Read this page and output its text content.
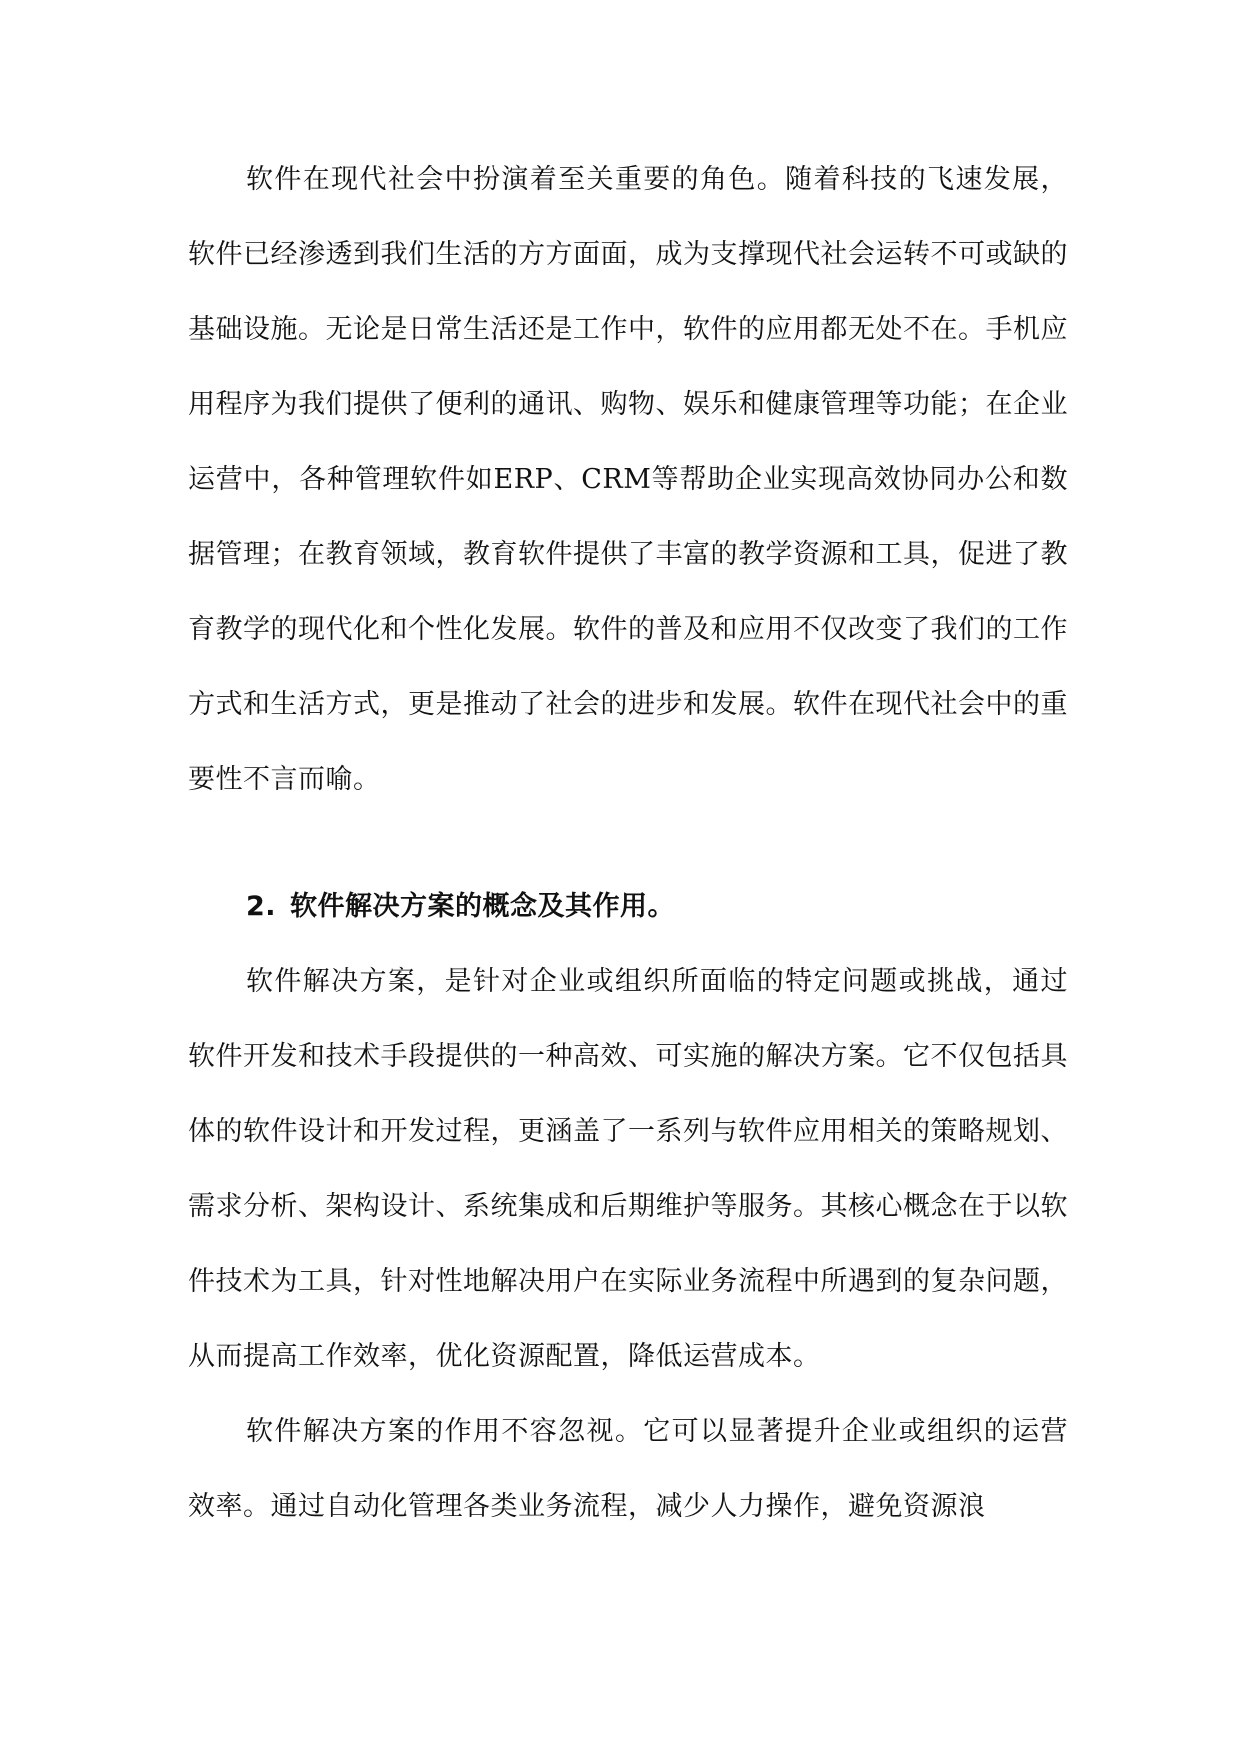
软件在现代社会中扮演着至关重要的角色。随着科技的飞速发展，软件已经渗透到我们生活的方方面面，成为支撑现代社会运转不可或缺的基础设施。无论是日常生活还是工作中，软件的应用都无处不在。手机应用程序为我们提供了便利的通讯、购物、娱乐和健康管理等功能；在企业运营中，各种管理软件如ERP、CRM等帮助企业实现高效协同办公和数据管理；在教育领域，教育软件提供了丰富的教学资源和工具，促进了教育教学的现代化和个性化发展。软件的普及和应用不仅改变了我们的工作方式和生活方式，更是推动了社会的进步和发展。软件在现代社会中的重要性不言而喻。

2. 软件解决方案的概念及其作用。

软件解决方案，是针对企业或组织所面临的特定问题或挑战，通过软件开发和技术手段提供的一种高效、可实施的解决方案。它不仅包括具体的软件设计和开发过程，更涵盖了一系列与软件应用相关的策略规划、需求分析、架构设计、系统集成和后期维护等服务。其核心概念在于以软件技术为工具，针对性地解决用户在实际业务流程中所遇到的复杂问题，从而提高工作效率，优化资源配置，降低运营成本。

软件解决方案的作用不容忽视。它可以显著提升企业或组织的运营效率。通过自动化管理各类业务流程，减少人力操作，避免资源浪
